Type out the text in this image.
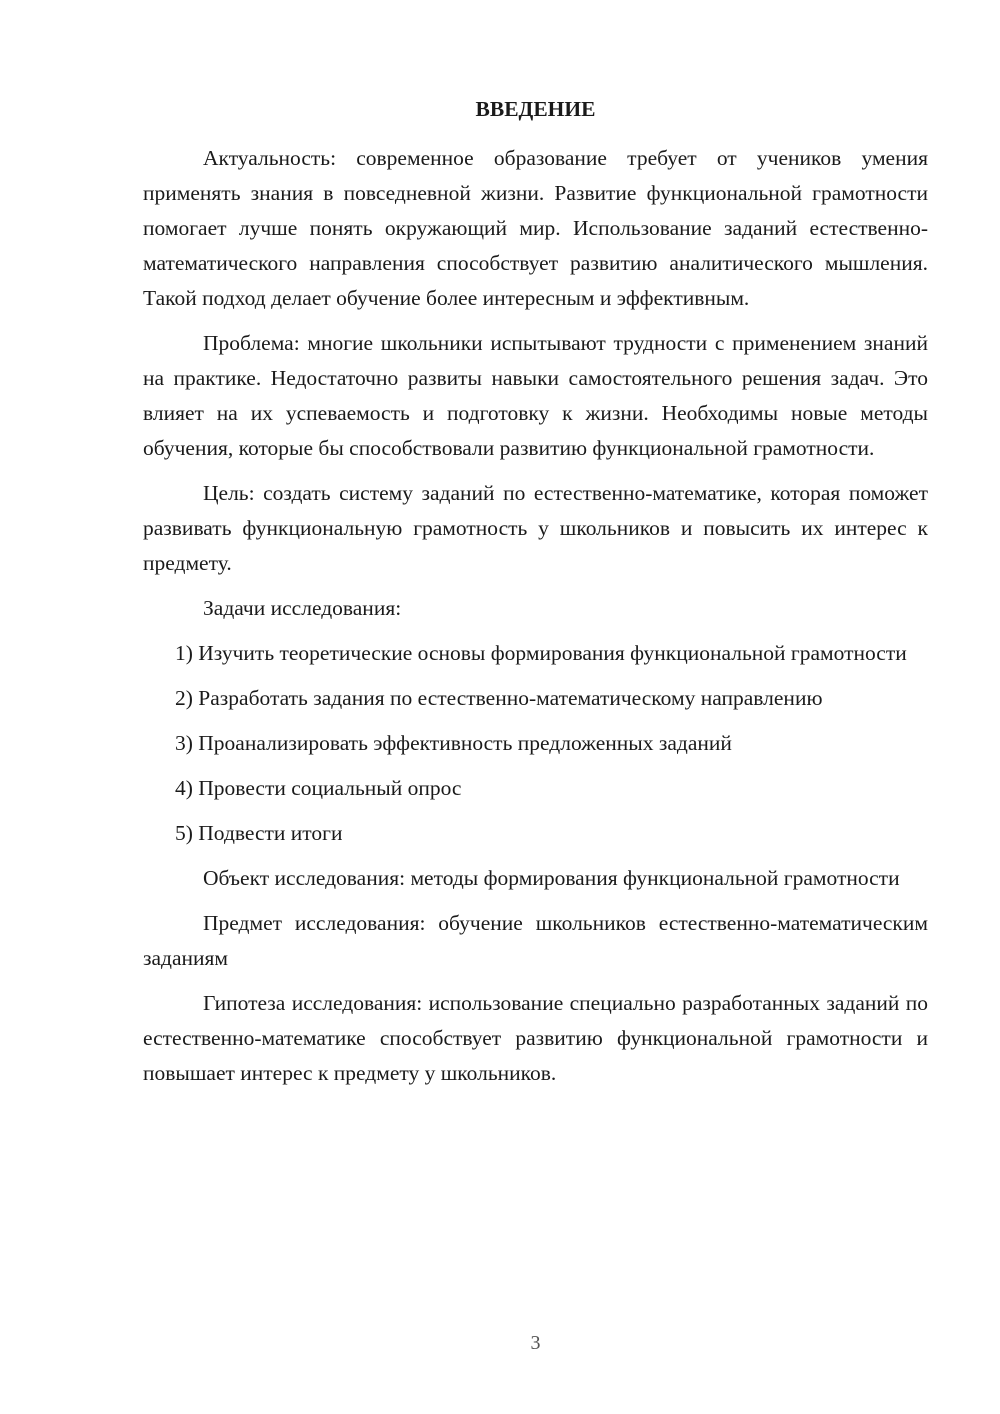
ВВЕДЕНИЕ

Актуальность: современное образование требует от учеников умения применять знания в повседневной жизни. Развитие функциональной грамотности помогает лучше понять окружающий мир. Использование заданий естественно-математического направления способствует развитию аналитического мышления. Такой подход делает обучение более интересным и эффективным.

Проблема: многие школьники испытывают трудности с применением знаний на практике. Недостаточно развиты навыки самостоятельного решения задач. Это влияет на их успеваемость и подготовку к жизни. Необходимы новые методы обучения, которые бы способствовали развитию функциональной грамотности.

Цель: создать систему заданий по естественно-математике, которая поможет развивать функциональную грамотность у школьников и повысить их интерес к предмету.

Задачи исследования:

1) Изучить теоретические основы формирования функциональной грамотности

2) Разработать задания по естественно-математическому направлению

3) Проанализировать эффективность предложенных заданий

4) Провести социальный опрос

5) Подвести итоги

Объект исследования: методы формирования функциональной грамотности

Предмет исследования: обучение школьников естественно-математическим заданиям

Гипотеза исследования: использование специально разработанных заданий по естественно-математике способствует развитию функциональной грамотности и повышает интерес к предмету у школьников.

3
